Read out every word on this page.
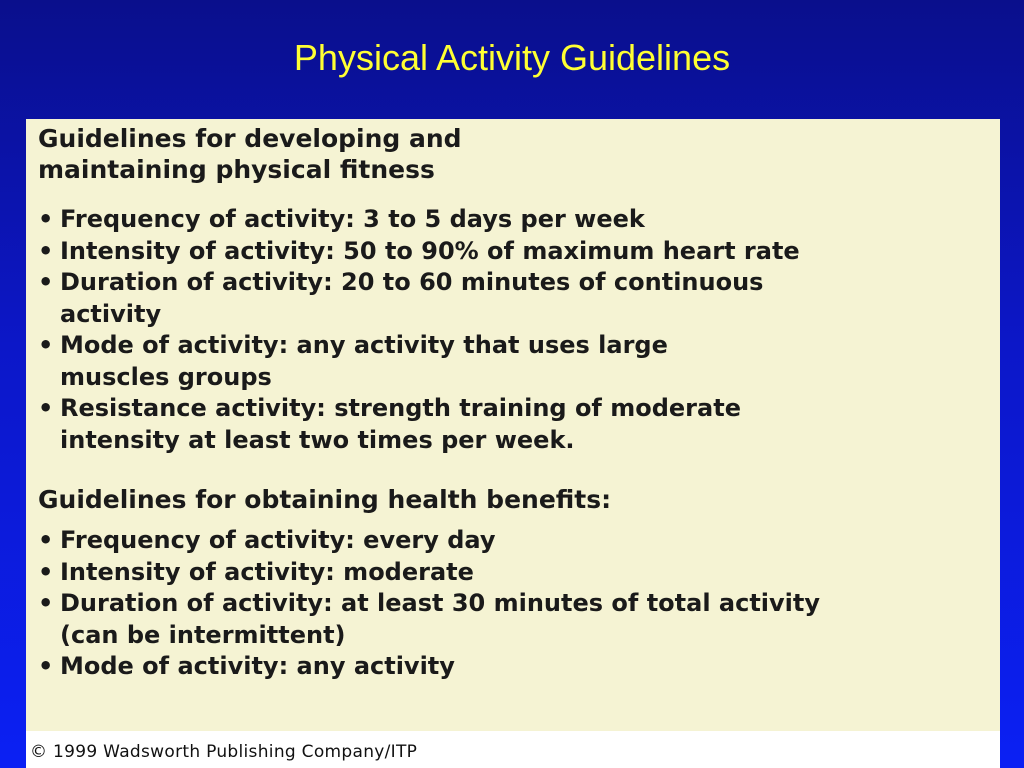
Physical Activity Guidelines
Guidelines for developing and
maintaining physical fitness
• Frequency of activity: 3 to 5 days per week
• Intensity of activity: 50 to 90% of maximum heart rate
• Duration of activity: 20 to 60 minutes of continuous
activity
• Mode of activity: any activity that uses large
muscles groups
• Resistance activity: strength training of moderate
intensity at least two times per week.
Guidelines for obtaining health benefits:
• Frequency of activity: every day
• Intensity of activity: moderate
• Duration of activity: at least 30 minutes of total activity
(can be intermittent)
• Mode of activity: any activity
© 1999 Wadsworth Publishing Company/ITP
